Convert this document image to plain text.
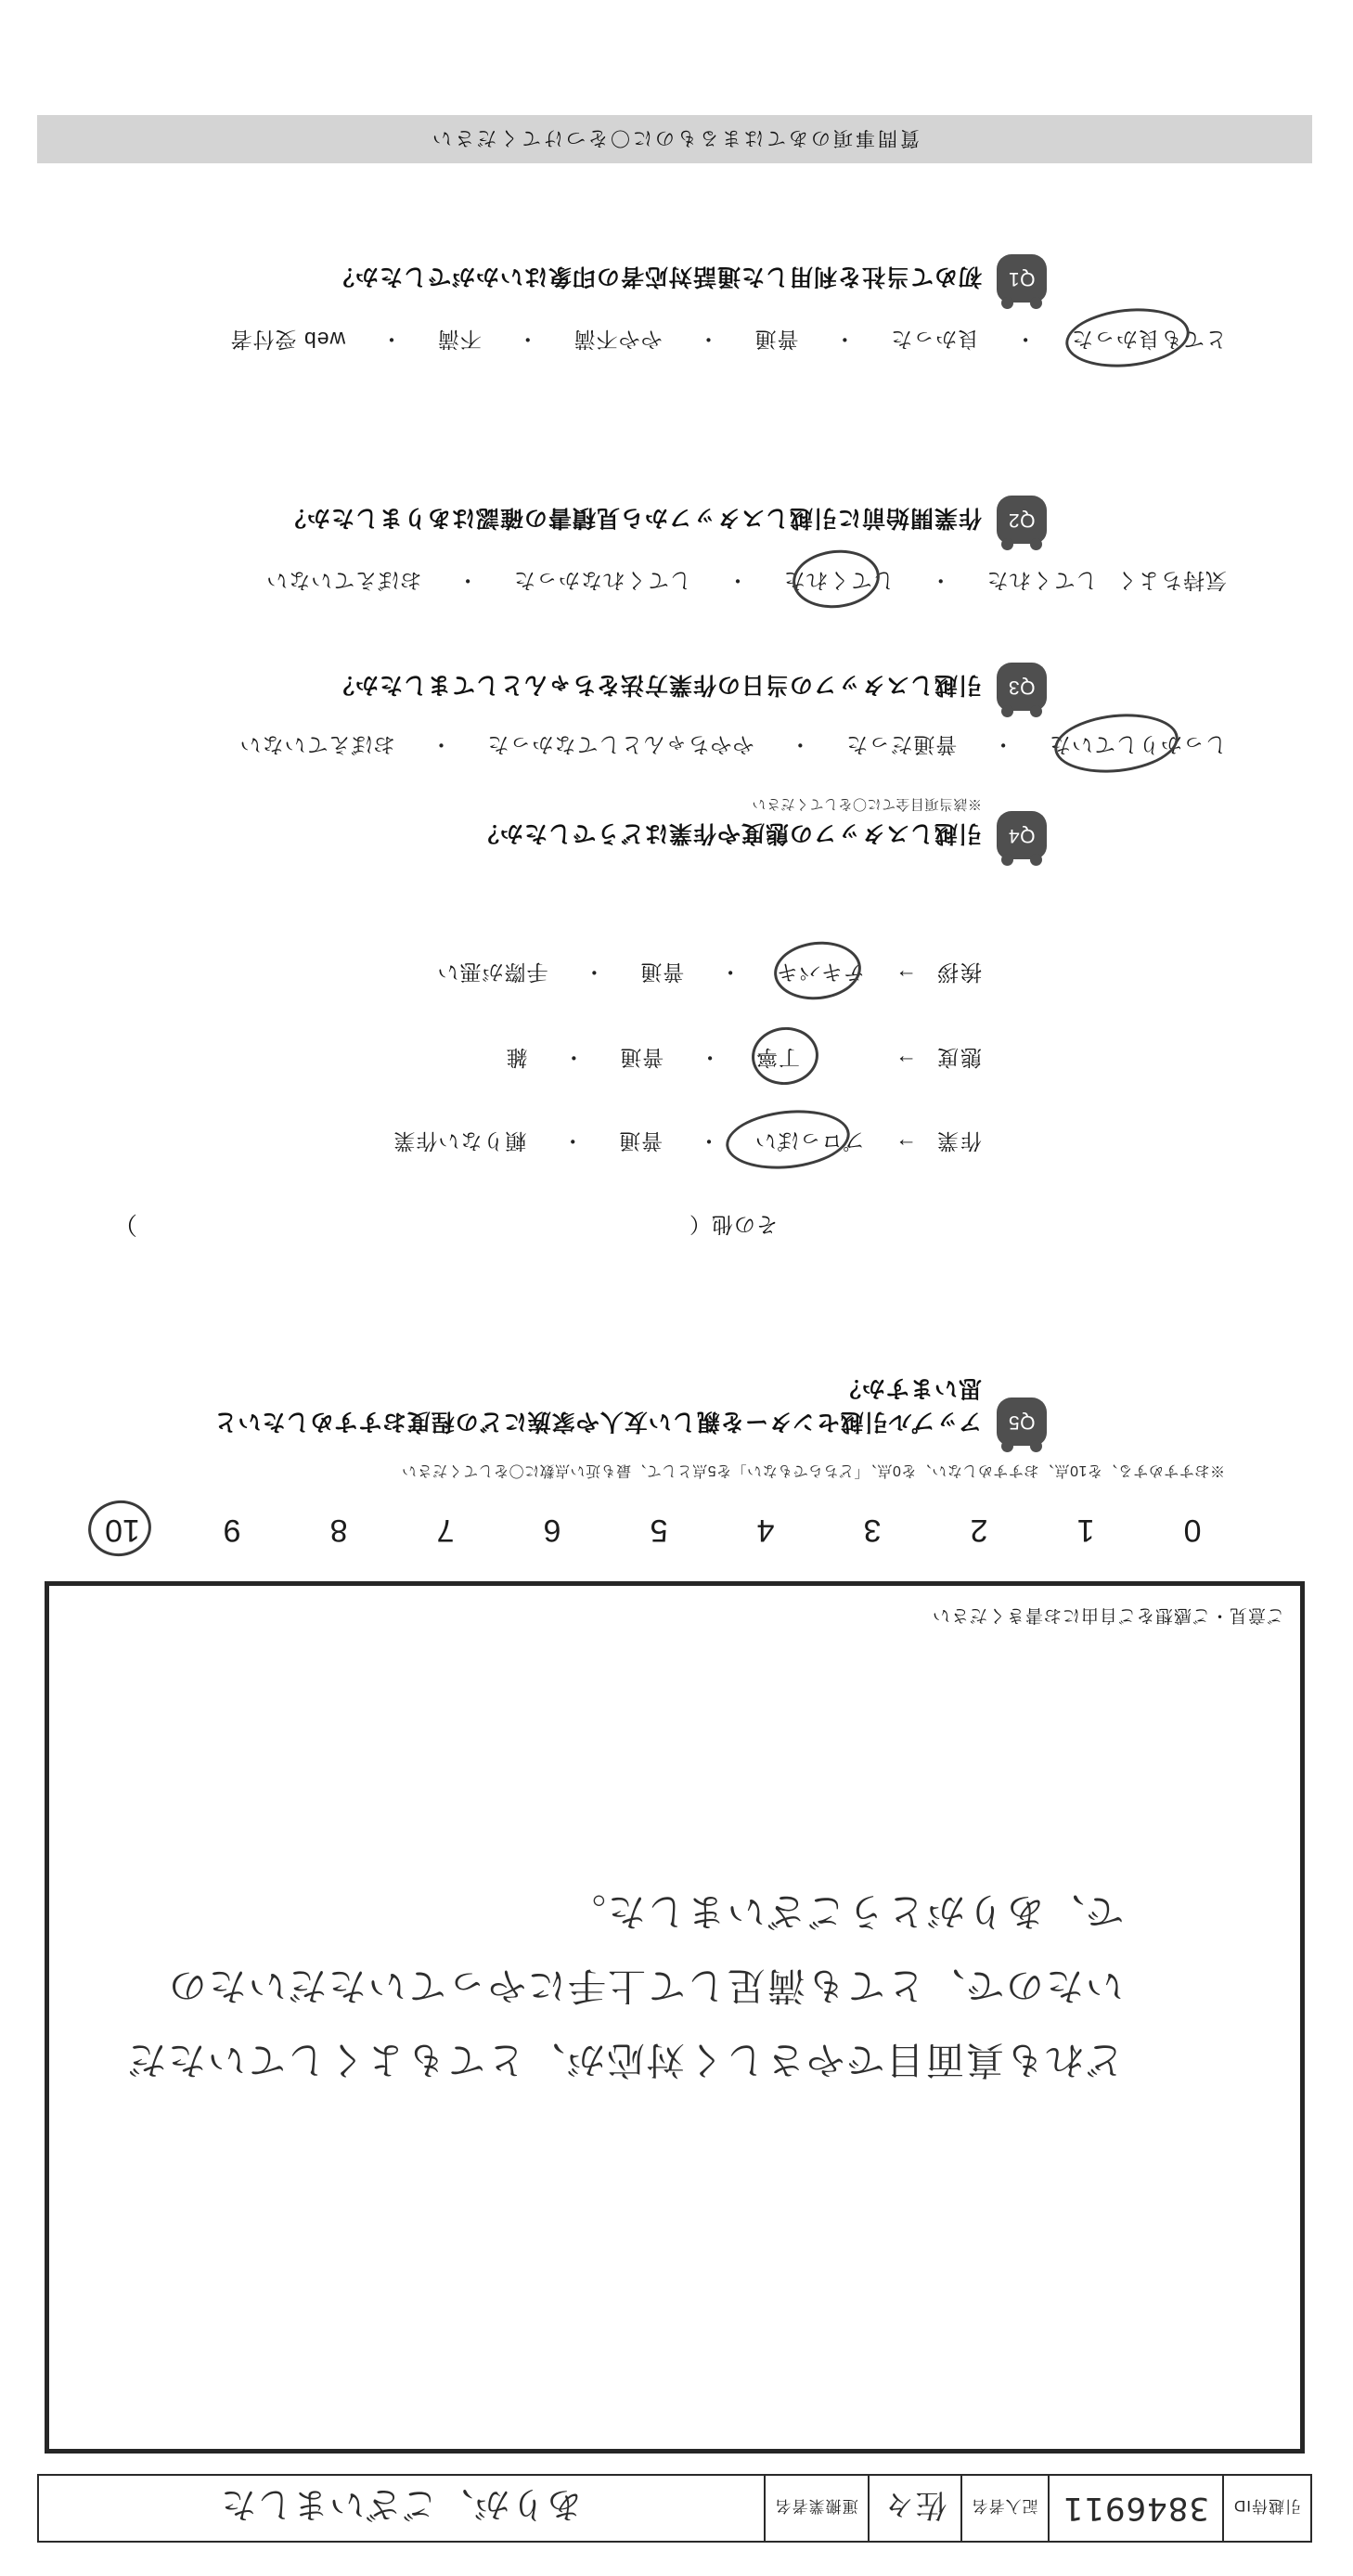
引越侍ID
3846911
記入者名
佐々
運搬業者名
ありが、ございました
どれも真面目でやさしく対応が、とてもよくしていただいたので、とても満足して上手にやっていただいたので、ありがとうございました。
ご意見・ご感想をご自由にお書きください
10	9	8	7	6	5	4	3	2	1	0
※おすすめする、を10点、おすすめしない、を0点、「どちらでもない」を5点として、最も近い点数に〇をしてください
Q5
アップル引越センターを親しい友人や家族にどの程度おすすめしたいと思いますか？
Q4
引越しスタッフの態度や作業はどうでしたか？
※該当項目全てに〇をしてください
挨拶
→
テキパキ ・ 普通 ・ 手際が悪い
態度
→
丁寧 ・ 普通 ・ 雑
作業
→
プロっぽい ・ 普通 ・ 頼りない作業
その他（
）
Q3
引越しスタッフの当日の作業方法をちゃんとしてましたか？
しっかりしていた ・ 普通だった ・ ややちゃんとしてなかった ・ おぼえていない
Q2
作業開始前に引越しスタッフから見積書の確認はありましたか？
気持ちよく してくれた ・ してくれた ・ してくれなかった ・ おぼえていない
Q1
初めて当社を利用した通話対応者の印象はいかがでしたか？
とても良かった ・ 良かった ・ 普通 ・ やや不満 ・ 不満 ・ web 受付者
質問事項のあてはまるものに〇をつけてください
